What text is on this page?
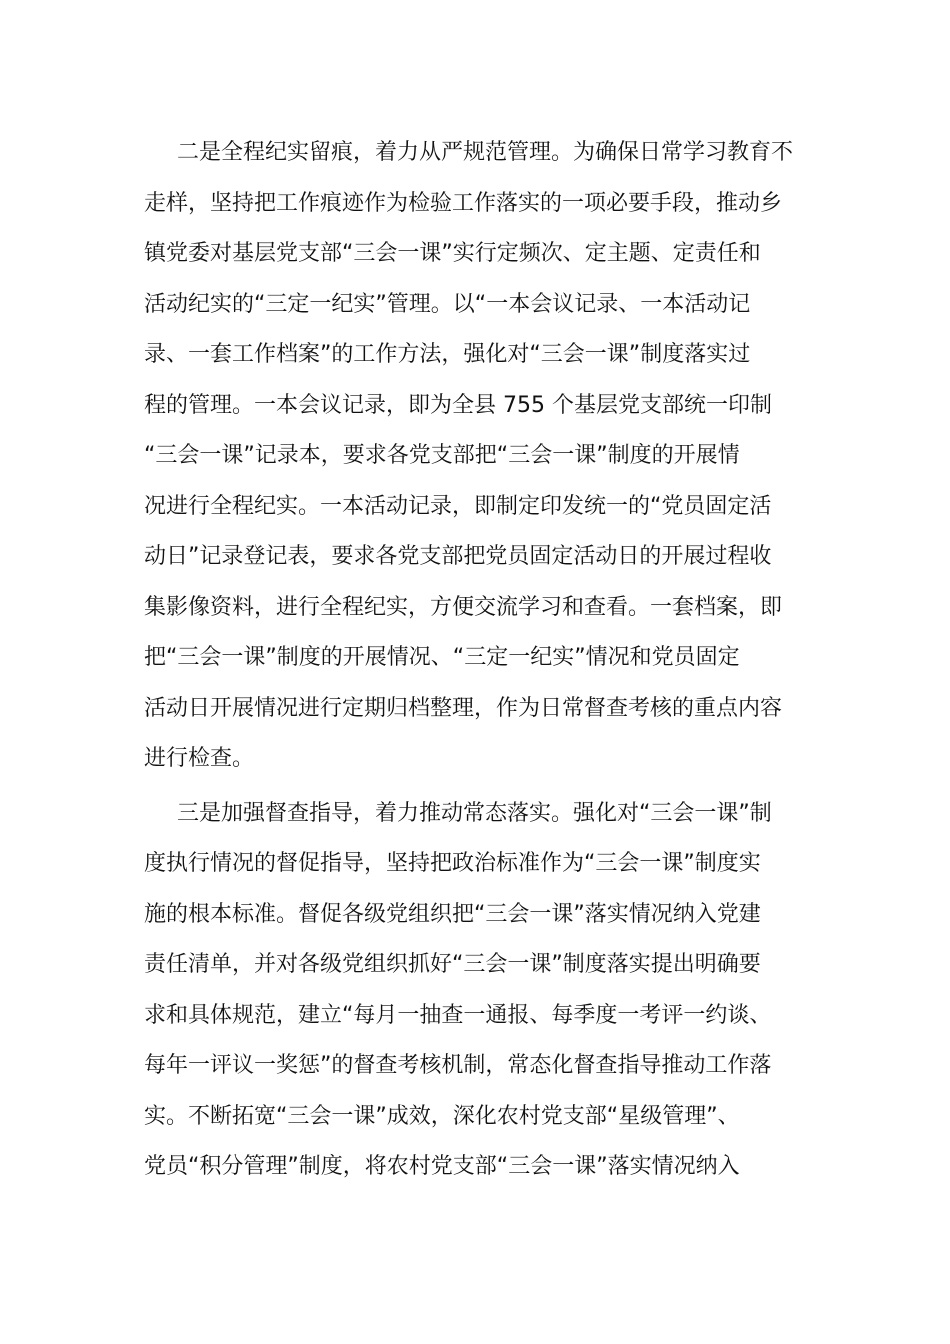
二是全程纪实留痕，着力从严规范管理。为确保日常学习教育不
走样，坚持把工作痕迹作为检验工作落实的一项必要手段，推动乡
镇党委对基层党支部“三会一课”实行定频次、定主题、定责任和
活动纪实的“三定一纪实”管理。以“一本会议记录、一本活动记
录、一套工作档案”的工作方法，强化对“三会一课”制度落实过
程的管理。一本会议记录，即为全县 755 个基层党支部统一印制
“三会一课”记录本，要求各党支部把“三会一课”制度的开展情
况进行全程纪实。一本活动记录，即制定印发统一的“党员固定活
动日”记录登记表，要求各党支部把党员固定活动日的开展过程收
集影像资料，进行全程纪实，方便交流学习和查看。一套档案，即
把“三会一课”制度的开展情况、“三定一纪实”情况和党员固定
活动日开展情况进行定期归档整理，作为日常督查考核的重点内容
进行检查。
三是加强督查指导，着力推动常态落实。强化对“三会一课”制
度执行情况的督促指导，坚持把政治标准作为“三会一课”制度实
施的根本标准。督促各级党组织把“三会一课”落实情况纳入党建
责任清单，并对各级党组织抓好“三会一课”制度落实提出明确要
求和具体规范，建立“每月一抽查一通报、每季度一考评一约谈、
每年一评议一奖惩”的督查考核机制，常态化督查指导推动工作落
实。不断拓宽“三会一课”成效，深化农村党支部“星级管理”、
党员“积分管理”制度，将农村党支部“三会一课”落实情况纳入
